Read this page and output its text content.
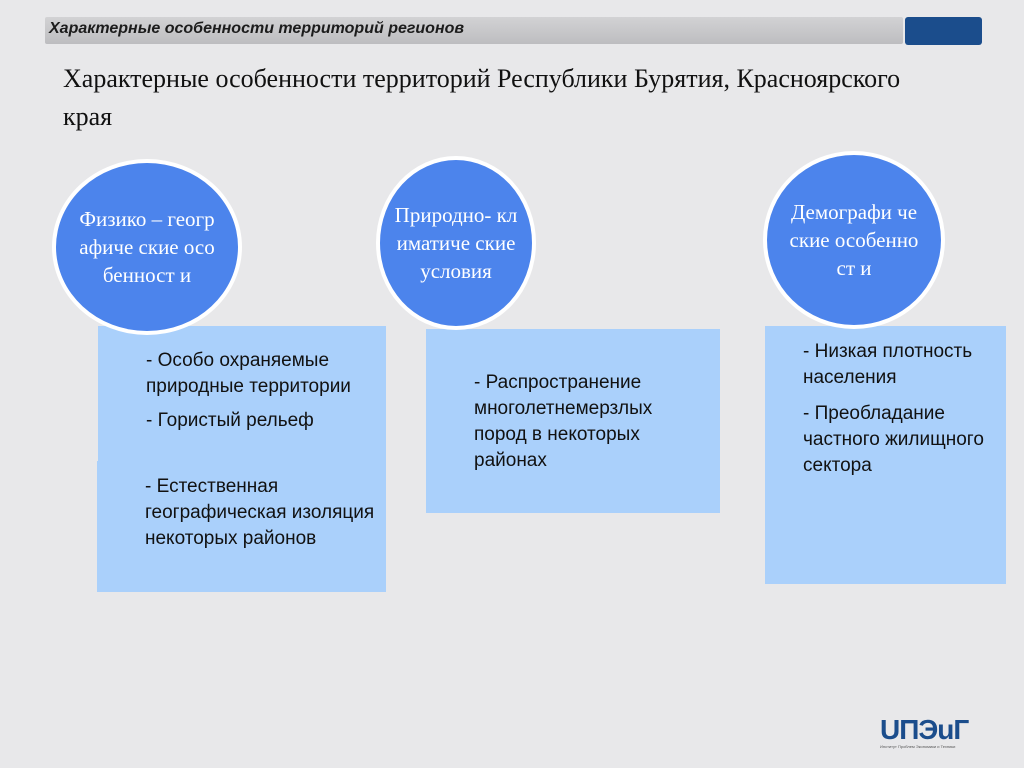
Характерные особенности территорий регионов
Характерные особенности территорий Республики Бурятия, Красноярского края

- Особо охраняемые природные территории

- Гористый рельеф

- Естественная географическая изоляция некоторых районов

Физико – географиче ские особенност и

- Распространение многолетнемерзлых пород в некоторых районах

Природно- климатиче ские условия

- Низкая плотность населения

- Преобладание частного жилищного сектора

Демографи ческие особенност и
UПЭuГ
Институт Проблем Экономики и Техники
